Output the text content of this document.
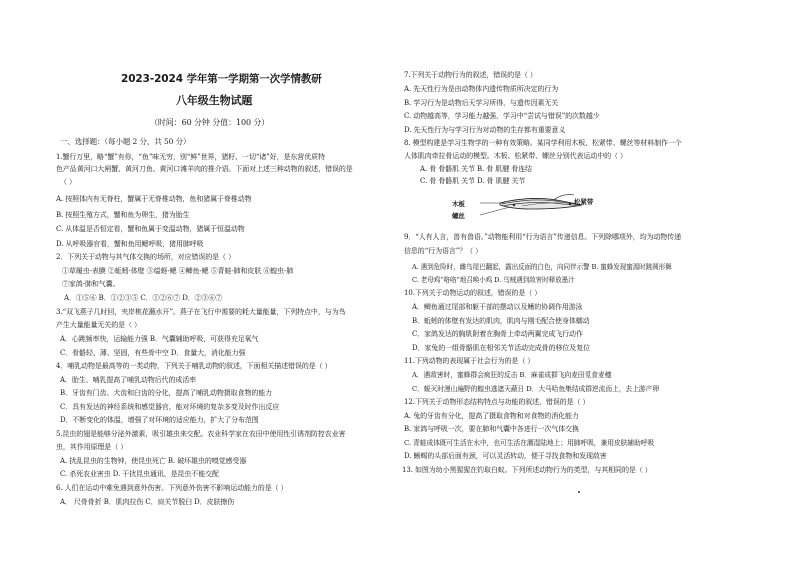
2023-2024 学年第一学期第一次学情教研
八年级生物试题
（时间：60 分钟 分值：100 分）
一、选择题：（每小题 2 分，共 50 分）
1.蟹行万里，略“蟹”有你，“鱼”味无穷，别“鲜”世界，猪籽、一切“诸”好，是东营优质特
色产品黄河口大闸蟹、黄河刀鱼、黄河口滩羊肉的推介语。下面对上述三种动物的叙述，错误的是
（ ）
A. 按照体内有无脊柱，蟹属于无脊椎动物，鱼和猪属于脊椎动物
B. 按照生殖方式，蟹和鱼为卵生，猪为胎生
C. 从体温是否恒定看，蟹和鱼属于变温动物，猪属于恒温动物
D. 从呼吸器官看，蟹和鱼用鳃呼吸，猪用肺呼吸
2．下列关于动物与其气体交换的场所，对应错误的是（ ）
①草履虫-表膜 ②蚯蚓-体壁 ③缢蛏-鳃 ④鲫鱼-鳃 ⑤青蛙-肺和皮肤 ⑥蝗虫-肺
⑦家鸽-肺和气囊。
A．①⑤⑥ B．①②③⑤ C．①②⑥⑦ D．②③⑥⑦
3.“双飞燕子几时回，夹岸桃花蘸水开”。燕子在飞行中需要的耗大量能量，下列特点中，与为鸟
产生大量能量无关的是（ ）
A．心跳频率快，运输能力强 B．气囊辅助呼吸，可获得充足氧气
C．骨骼轻、薄、坚固，有些骨中空 D．食量大，消化能力强
4．哺乳动物是最高等的一类动物，下列关于哺乳动物的叙述，下面相关描述错误的是（ ）
A．胎生、哺乳提高了哺乳动物后代的成活率
B．牙齿有门齿、犬齿和臼齿的分化，提高了哺乳动物摄取食物的能力
C．具有发达的神经系统和感觉器官，能对环境的复杂多变及时作出反应
D．不断变化的体温，增强了对环境的适应能力，扩大了分布范围
5.昆虫的翅是能够分泌外激素，吸引雄虫来交配。农业科学家在农田中使用性引诱剂防控农业害
虫，其作用原理是（ ）
A. 扰乱昆虫的生物钟，使昆虫死亡 B. 破坏雄虫的嗅觉感受器
C. 杀死农业害虫 D. 干扰昆虫通讯，是昆虫不能交配
6. 人们在运动中难免遇到意外伤害。下列意外伤害不影响运动能力的是（ ）
A． 尺骨骨折 B．肌肉拉伤 C．肩关节脱臼 D．皮肤擦伤
7.下列关于动物行为的叙述，错误的是（ ）
A. 先天性行为是由动物体内遗传物质所决定的行为
B. 学习行为是动物后天学习所得，与遗传因素无关
C. 动物越高等，学习能力越强，学习中“尝试与错误”的次数越少
D. 先天性行为与学习行为对动物的生存都有重要意义
8. 模型构建是学习生物学的一种有效策略。某同学利用木板、松紧带、螺丝等材料制作一个
人体肌肉牵拉骨运动的模型。木板、松紧带、螺丝分别代表运动中的（ ）
A. 骨 骨骼肌 关节 B. 骨 肌腱 骨连结
C. 骨 骨骼肌 关节 D. 骨 肌腱 关节
木板
螺丝
松紧带
9．“人有人言，兽有兽语。”动物能利用“行为语言”传递信息。下列除哪项外，均为动物传递
信息的“行为语言”？（ ）
A. 遇到危险时，雌鸟尾巴翻起，露出反面的白色，向同伴示警 B. 蜜蜂发现蜜源时跳圆形舞
C. 老母鸡“咯咯”地召唤小鸡 D. 乌贼遇到敌害时释放墨汁
10.下列关于动物运动的叙述，错误的是（ ）
A．鲫鱼通过尾部和躯干部的摆动以及鳍的协调作用游泳
B．蚯蚓的体壁有发达的肌肉，肌肉与刚毛配合使身体蠕动
C．家鸽发达的胸肌附着在胸骨上牵动两翼完成飞行动作
D．家兔的一组骨骼肌在相邻关节活动完成骨的移位及复位
11.下列动物的表现属于社会行为的是（ ）
A．遇敌害时，蜜蜂群会疯狂的反击 B．麻雀成群飞向麦田觅食麦穗
C．蜕灭时漫山遍野的蝗虫逃遮天蔽日 D．大马哈鱼集结成群逆流而上，去上游产卵
12.下列关于动物形态结构特点与功能的叙述，错误的是（ ）
A. 兔的牙齿有分化，提高了摄取食物和对食物的消化能力
B. 家鸽与呼吸一次，要在肺和气囊中各进行一次气体交换
C. 青蛙成体既可生活在水中，也可生活在潮湿陆地上；用肺呼吸，兼用皮肤辅助呼吸
D. 蜥蜴的头部后面有颈，可以灵活转动，便于寻找食物和发现敌害
13. 如图为幼小黑猩猩在钓取白蚁。下列所述动物行为的类型，与其相同的是（ ）
